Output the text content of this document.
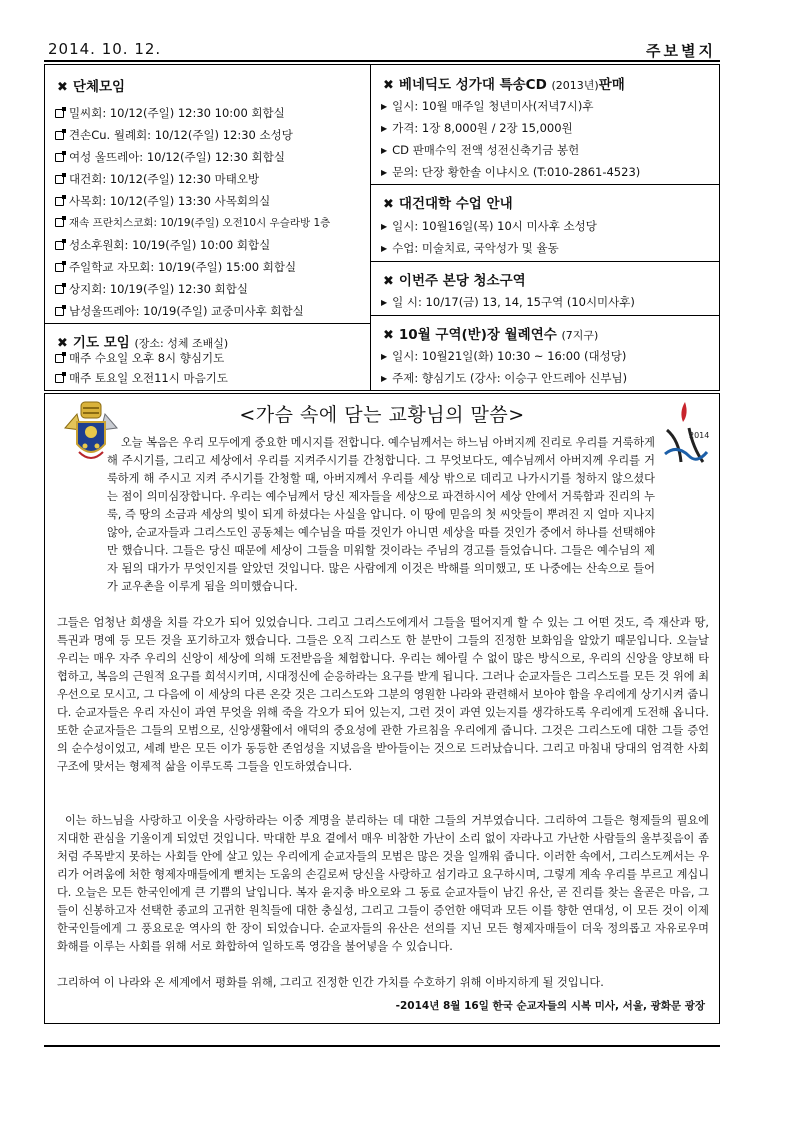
2014. 10. 12.	주보별지
✖ 단체모임
밀씨회: 10/12(주일) 12:30 10:00 회합실
견손Cu. 월례회: 10/12(주일) 12:30 소성당
여성 울뜨레아: 10/12(주일) 12:30 회합실
대건회: 10/12(주일) 12:30 마태오방
사목회: 10/12(주일) 13:30 사목회의실
재속 프란치스코회: 10/19(주일) 오전10시 우슬라방 1층
성소후원회: 10/19(주일) 10:00 회합실
주일학교 자모회: 10/19(주일) 15:00 회합실
상지회: 10/19(주일) 12:30 회합실
남성울뜨레아: 10/19(주일) 교중미사후 회합실
✖ 기도 모임 (장소: 성체 조배실)
매주 수요일 오후 8시 향심기도
매주 토요일 오전11시 마음기도
✖ 베네딕도 성가대 특송CD (2013년)판매
▶ 일시: 10월 매주일 청년미사(저녁7시)후
▶ 가격: 1장 8,000원 / 2장 15,000원
▶ CD 판매수익 전액 성전신축기금 봉헌
▶ 문의: 단장 황한솔 이냐시오 (T:010-2861-4523)
✖ 대건대학 수업 안내
▶ 일시: 10월16일(목) 10시 미사후 소성당
▶ 수업: 미술치료, 국악성가 및 율동
✖ 이번주 본당 청소구역
▶ 일 시: 10/17(금) 13, 14, 15구역 (10시미사후)
✖ 10월 구역(반)장 월례연수 (7지구)
▶ 일시: 10월21일(화) 10:30 ~ 16:00 (대성당)
▶ 주제: 향심기도 (강사: 이승구 안드레아 신부님)
<가슴 속에 담는 교황님의 말씀>
2014
오늘 복음은 우리 모두에게 중요한 메시지를 전합니다. 예수님께서는 하느님 아버지께 진리로 우리를 거룩하게 해 주시기를, 그리고 세상에서 우리를 지켜주시기를 간청합니다. 그 무엇보다도, 예수님께서 아버지께 우리를 거룩하게 해 주시고 지켜 주시기를 간청할 때, 아버지께서 우리를 세상 밖으로 데리고 나가시기를 청하지 않으셨다는 점이 의미심장합니다. 우리는 예수님께서 당신 제자들을 세상으로 파견하시어 세상 안에서 거룩함과 진리의 누룩, 즉 땅의 소금과 세상의 빛이 되게 하셨다는 사실을 압니다. 이 땅에 믿음의 첫 씨앗들이 뿌려진 지 얼마 지나지 않아, 순교자들과 그리스도인 공동체는 예수님을 따를 것인가 아니면 세상을 따를 것인가 중에서 하나를 선택해야만 했습니다. 그들은 당신 때문에 세상이 그들을 미워할 것이라는 주님의 경고를 들었습니다. 그들은 예수님의 제자 됨의 대가가 무엇인지를 알았던 것입니다. 많은 사람에게 이것은 박해를 의미했고, 또 나중에는 산속으로 들어가 교우촌을 이루게 됨을 의미했습니다.
그들은 엄청난 희생을 치를 각오가 되어 있었습니다. 그리고 그리스도에게서 그들을 떨어지게 할 수 있는 그 어떤 것도, 즉 재산과 땅, 특권과 명예 등 모든 것을 포기하고자 했습니다. 그들은 오직 그리스도 한 분만이 그들의 진정한 보화임을 알았기 때문입니다. 오늘날 우리는 매우 자주 우리의 신앙이 세상에 의해 도전받음을 체험합니다. 우리는 헤아릴 수 없이 많은 방식으로, 우리의 신앙을 양보해 타협하고, 복음의 근원적 요구를 희석시키며, 시대정신에 순응하라는 요구를 받게 됩니다. 그러나 순교자들은 그리스도를 모든 것 위에 최우선으로 모시고, 그 다음에 이 세상의 다른 온갖 것은 그리스도와 그분의 영원한 나라와 관련해서 보아야 함을 우리에게 상기시켜 줍니다. 순교자들은 우리 자신이 과연 무엇을 위해 죽을 각오가 되어 있는지, 그런 것이 과연 있는지를 생각하도록 우리에게 도전해 옵니다. 또한 순교자들은 그들의 모범으로, 신앙생활에서 애덕의 중요성에 관한 가르침을 우리에게 줍니다. 그것은 그리스도에 대한 그들 증언의 순수성이었고, 세례 받은 모든 이가 동등한 존엄성을 지녔음을 받아들이는 것으로 드러났습니다. 그리고 마침내 당대의 엄격한 사회 구조에 맞서는 형제적 삶을 이루도록 그들을 인도하였습니다.
이는 하느님을 사랑하고 이웃을 사랑하라는 이중 계명을 분리하는 데 대한 그들의 거부였습니다. 그리하여 그들은 형제들의 필요에 지대한 관심을 기울이게 되었던 것입니다. 막대한 부요 곁에서 매우 비참한 가난이 소리 없이 자라나고 가난한 사람들의 울부짖음이 좀처럼 주목받지 못하는 사회들 안에 살고 있는 우리에게 순교자들의 모범은 많은 것을 일깨워 줍니다. 이러한 속에서, 그리스도께서는 우리가 어려움에 처한 형제자매들에게 뻗치는 도움의 손길로써 당신을 사랑하고 섬기라고 요구하시며, 그렇게 계속 우리를 부르고 계십니다. 오늘은 모든 한국인에게 큰 기쁨의 날입니다. 복자 윤지충 바오로와 그 동료 순교자들이 남긴 유산, 곧 진리를 찾는 올곧은 마음, 그들이 신봉하고자 선택한 종교의 고귀한 원칙들에 대한 충실성, 그리고 그들이 증언한 애덕과 모든 이를 향한 연대성, 이 모든 것이 이제 한국인들에게 그 풍요로운 역사의 한 장이 되었습니다. 순교자들의 유산은 선의를 지닌 모든 형제자매들이 더욱 정의롭고 자유로우며 화해를 이루는 사회를 위해 서로 화합하여 일하도록 영감을 불어넣을 수 있습니다.
그리하여 이 나라와 온 세계에서 평화를 위해, 그리고 진정한 인간 가치를 수호하기 위해 이바지하게 될 것입니다.
-2014년 8월 16일 한국 순교자들의 시복 미사, 서울, 광화문 광장
